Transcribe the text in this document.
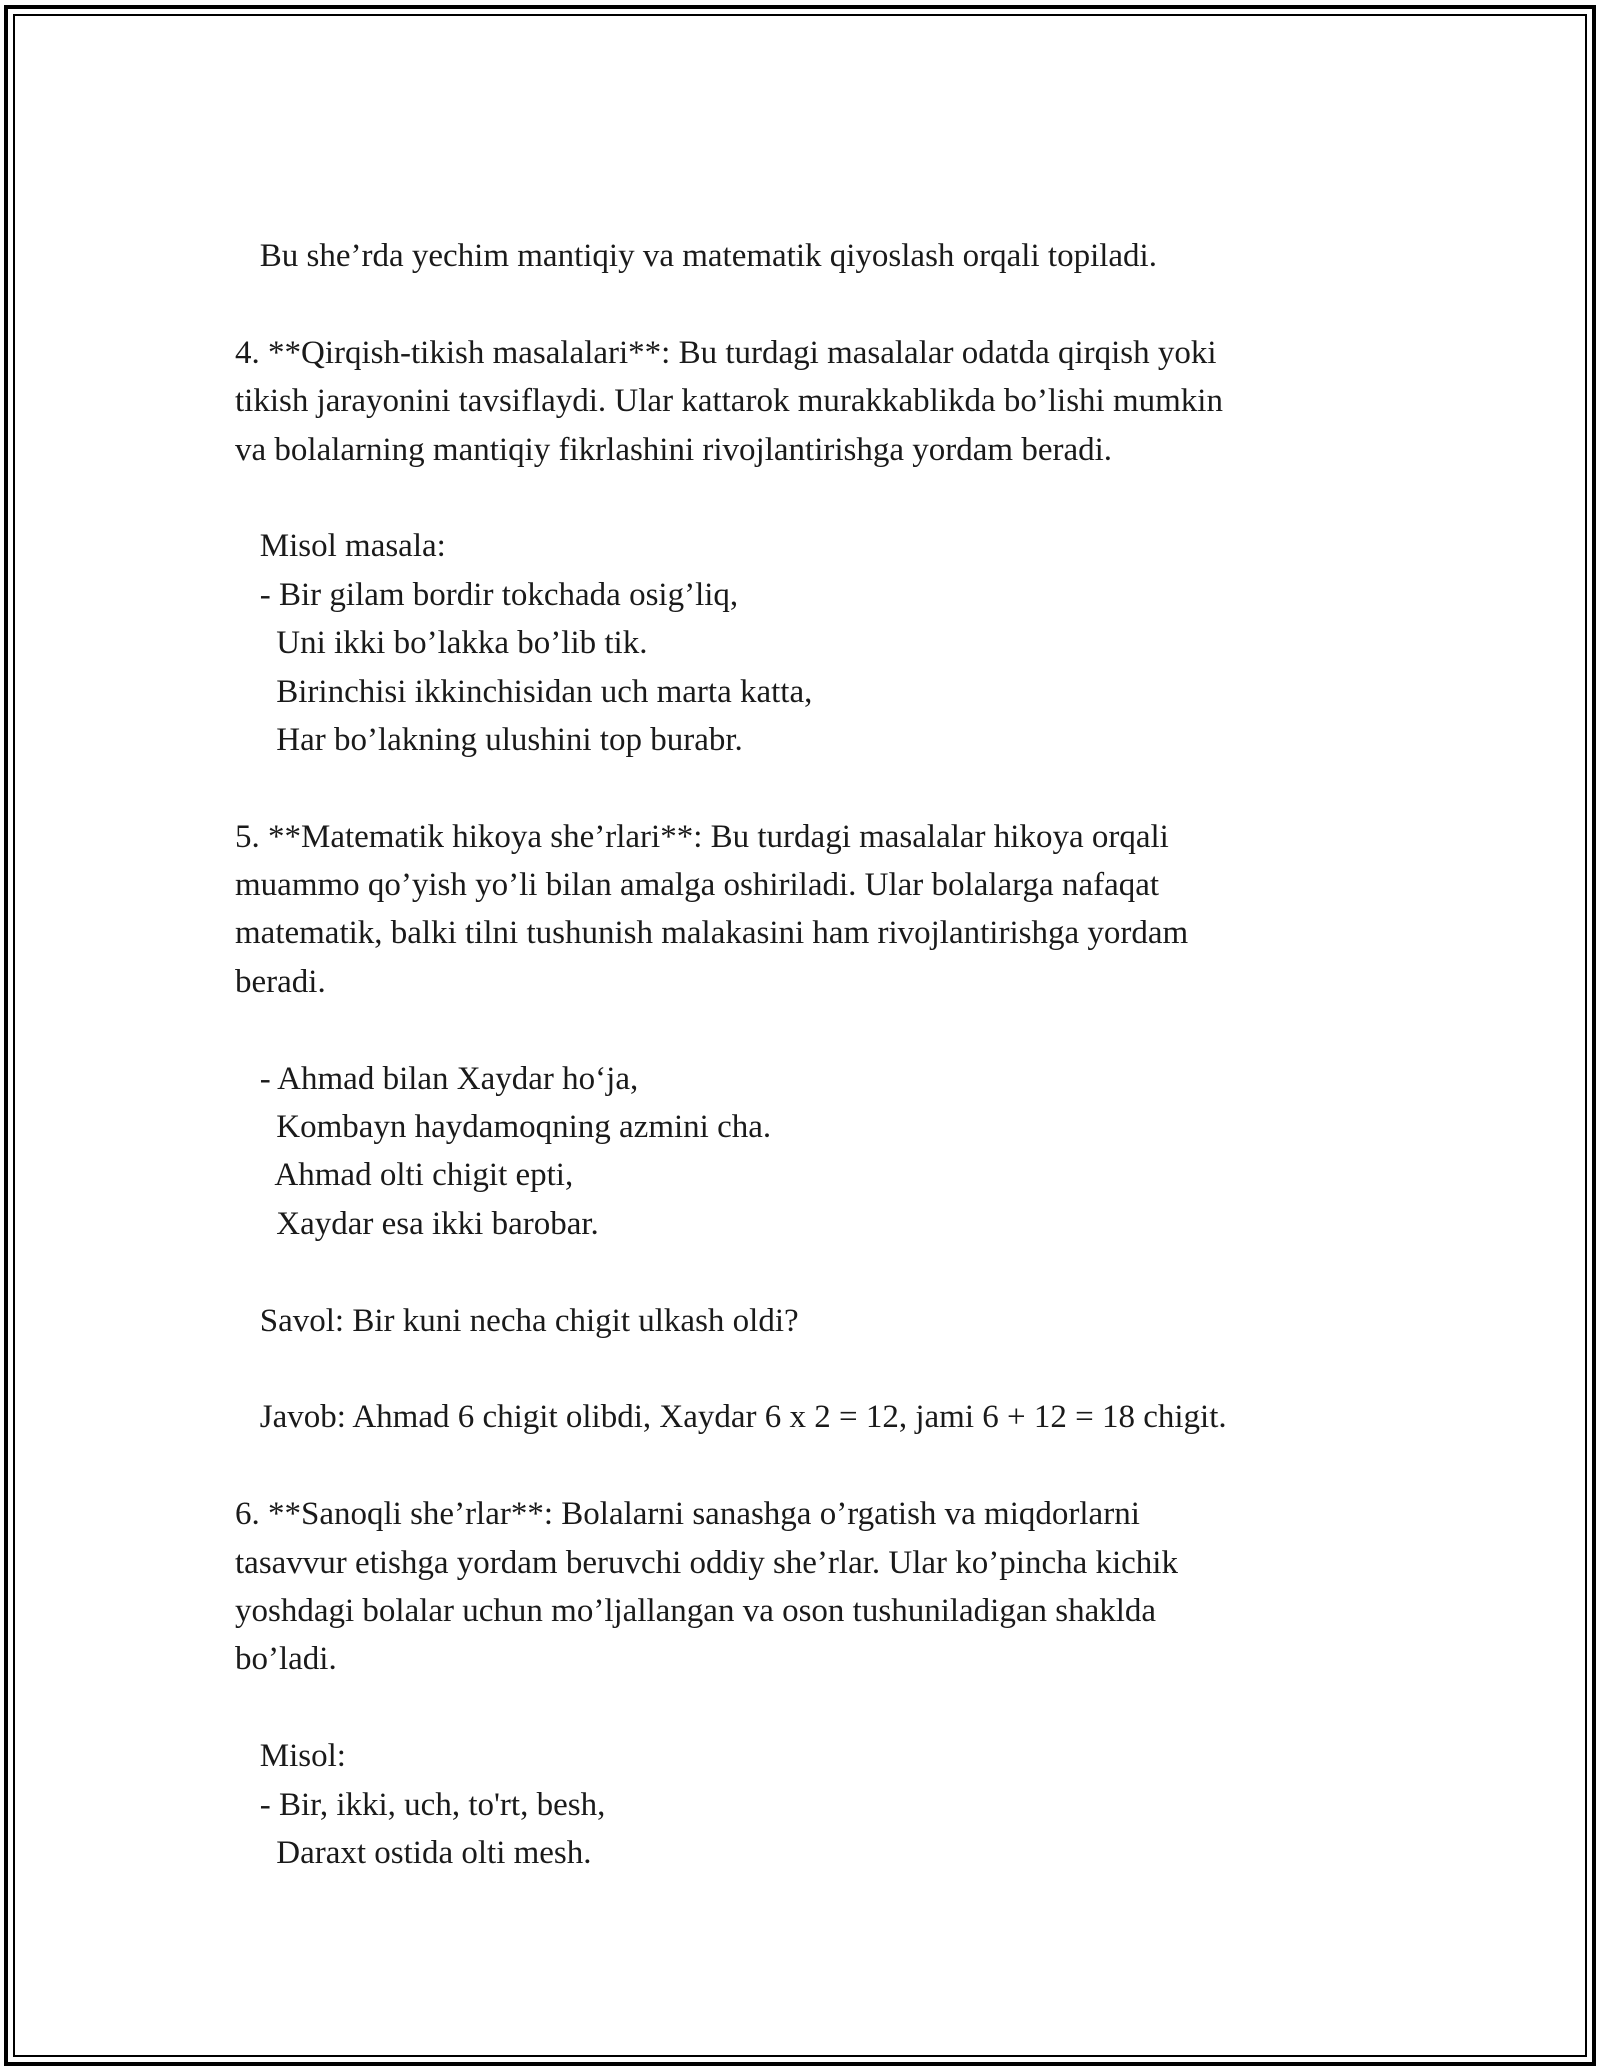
Bu she’rda yechim mantiqiy va matematik qiyoslash orqali topiladi.
4. **Qirqish-tikish masalalari**: Bu turdagi masalalar odatda qirqish yoki
tikish jarayonini tavsiflaydi. Ular kattarok murakkablikda bo’lishi mumkin
va bolalarning mantiqiy fikrlashini rivojlantirishga yordam beradi.
Misol masala:
- Bir gilam bordir tokchada osig’liq,
Uni ikki bo’lakka bo’lib tik.
Birinchisi ikkinchisidan uch marta katta,
Har bo’lakning ulushini top burabr.
5. **Matematik hikoya she’rlari**: Bu turdagi masalalar hikoya orqali
muammo qo’yish yo’li bilan amalga oshiriladi. Ular bolalarga nafaqat
matematik, balki tilni tushunish malakasini ham rivojlantirishga yordam
beradi.
- Ahmad bilan Xaydar ho‘ja,
Kombayn haydamoqning azmini cha.
Ahmad olti chigit epti,
Xaydar esa ikki barobar.
Savol: Bir kuni necha chigit ulkash oldi?
Javob: Ahmad 6 chigit olibdi, Xaydar 6 x 2 = 12, jami 6 + 12 = 18 chigit.
6. **Sanoqli she’rlar**: Bolalarni sanashga o’rgatish va miqdorlarni
tasavvur etishga yordam beruvchi oddiy she’rlar. Ular ko’pincha kichik
yoshdagi bolalar uchun mo’ljallangan va oson tushuniladigan shaklda
bo’ladi.
Misol:
- Bir, ikki, uch, to'rt, besh,
Daraxt ostida olti mesh.
